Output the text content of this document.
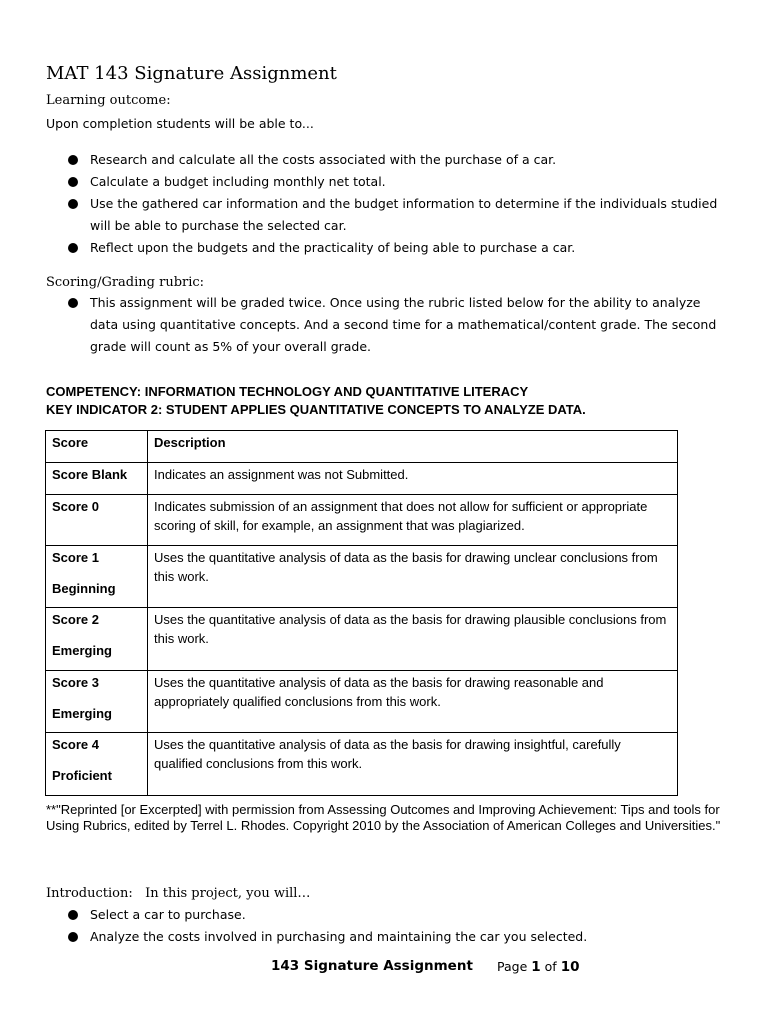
MAT 143 Signature Assignment
Learning outcome:
Upon completion students will be able to...
Research and calculate all the costs associated with the purchase of a car.
Calculate a budget including monthly net total.
Use the gathered car information and the budget information to determine if the individuals studied will be able to purchase the selected car.
Reflect upon the budgets and the practicality of being able to purchase a car.
Scoring/Grading rubric:
This assignment will be graded twice. Once using the rubric listed below for the ability to analyze data using quantitative concepts. And a second time for a mathematical/content grade. The second grade will count as 5% of your overall grade.
COMPETENCY: INFORMATION TECHNOLOGY AND QUANTITATIVE LITERACY
KEY INDICATOR 2: STUDENT APPLIES QUANTITATIVE CONCEPTS TO ANALYZE DATA.
Score	Description
Score Blank	Indicates an assignment was not Submitted.
Score 0	Indicates submission of an assignment that does not allow for sufficient or appropriate scoring of skill, for example, an assignment that was plagiarized.
Score 1
Beginning	Uses the quantitative analysis of data as the basis for drawing unclear conclusions from this work.
Score 2
Emerging	Uses the quantitative analysis of data as the basis for drawing plausible conclusions from this work.
Score 3
Emerging	Uses the quantitative analysis of data as the basis for drawing reasonable and appropriately qualified conclusions from this work.
Score 4
Proficient	Uses the quantitative analysis of data as the basis for drawing insightful, carefully qualified conclusions from this work.
**"Reprinted [or Excerpted] with permission from Assessing Outcomes and Improving Achievement: Tips and tools for Using Rubrics, edited by Terrel L. Rhodes. Copyright 2010 by the Association of American Colleges and Universities."
Introduction:   In this project, you will…
Select a car to purchase.
Analyze the costs involved in purchasing and maintaining the car you selected.
143 Signature Assignment Page 1 of 10
